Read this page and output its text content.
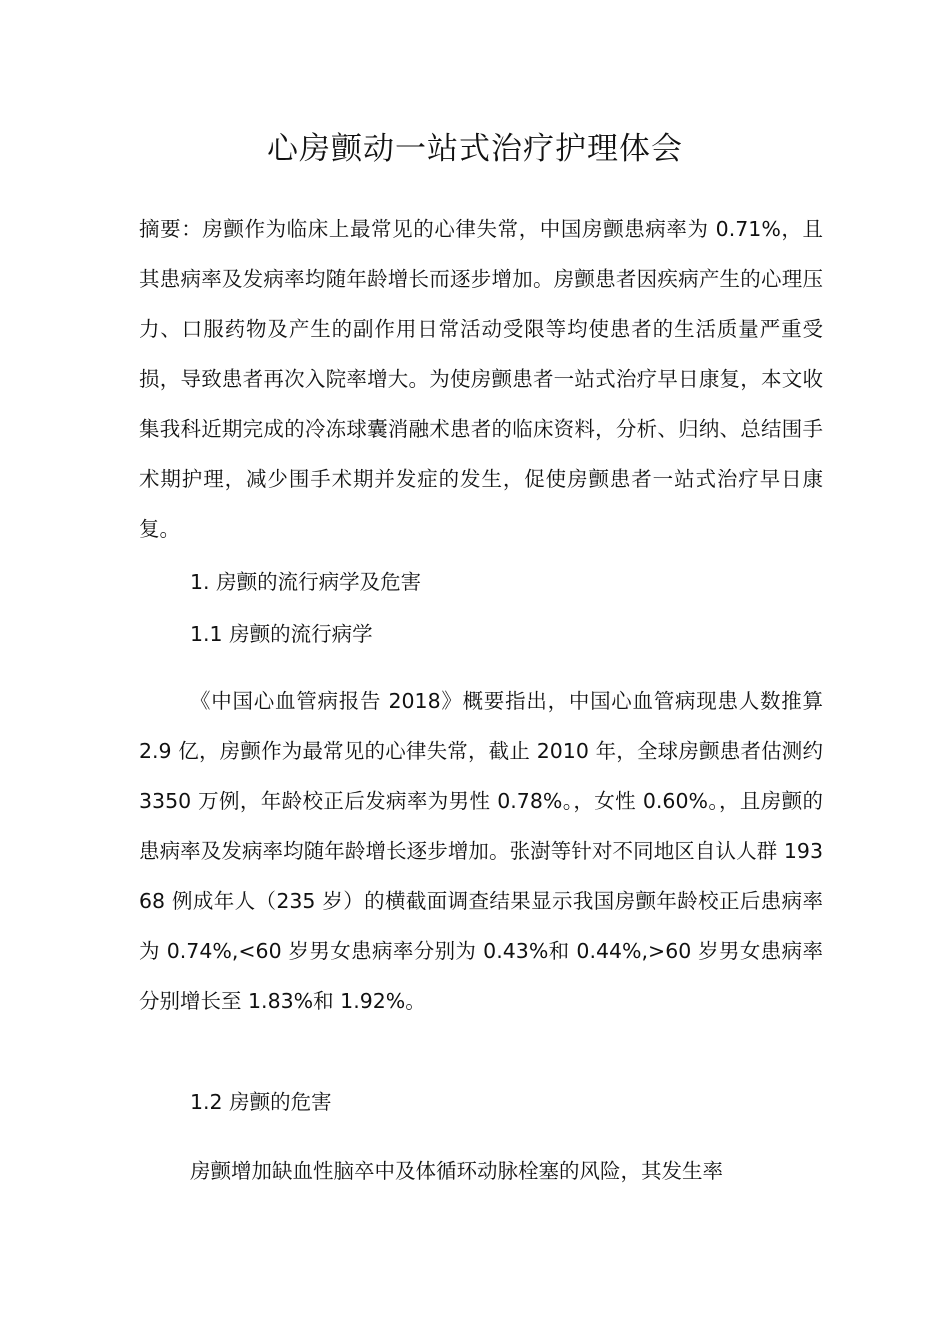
心房颤动一站式治疗护理体会

摘要：房颤作为临床上最常见的心律失常，中国房颤患病率为 0.71%，且其患病率及发病率均随年龄增长而逐步增加。房颤患者因疾病产生的心理压力、口服药物及产生的副作用日常活动受限等均使患者的生活质量严重受损，导致患者再次入院率增大。为使房颤患者一站式治疗早日康复，本文收集我科近期完成的冷冻球囊消融术患者的临床资料，分析、归纳、总结围手术期护理，减少围手术期并发症的发生，促使房颤患者一站式治疗早日康复。

1. 房颤的流行病学及危害
1.1 房颤的流行病学

《中国心血管病报告 2018》概要指出，中国心血管病现患人数推算 2.9 亿，房颤作为最常见的心律失常，截止 2010 年，全球房颤患者估测约 3350 万例，年龄校正后发病率为男性 0.78%。，女性 0.60%。，且房颤的患病率及发病率均随年龄增长逐步增加。张澍等针对不同地区自认人群 19368 例成年人（235 岁）的横截面调查结果显示我国房颤年龄校正后患病率为 0.74%,<60 岁男女患病率分别为 0.43%和 0.44%,>60 岁男女患病率分别增长至 1.83%和 1.92%。

1.2 房颤的危害

房颤增加缺血性脑卒中及体循环动脉栓塞的风险，其发生率
